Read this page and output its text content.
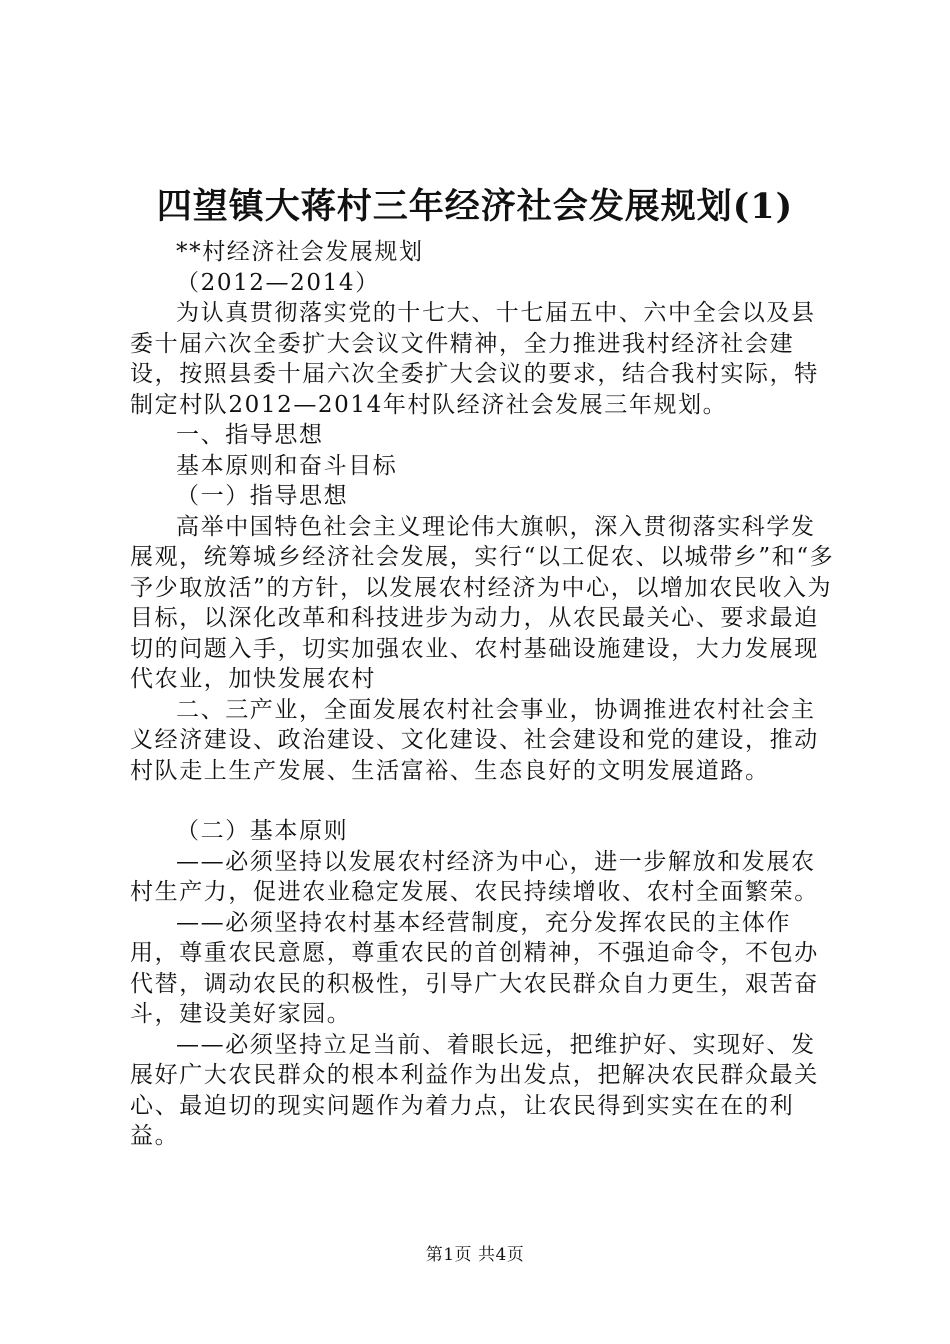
四望镇大蒋村三年经济社会发展规划(1)

**村经济社会发展规划

（2012—2014）

为认真贯彻落实党的十七大、十七届五中、六中全会以及县委十届六次全委扩大会议文件精神，全力推进我村经济社会建设，按照县委十届六次全委扩大会议的要求，结合我村实际，特制定村队2012—2014年村队经济社会发展三年规划。

一、指导思想

基本原则和奋斗目标

（一）指导思想

高举中国特色社会主义理论伟大旗帜，深入贯彻落实科学发展观，统筹城乡经济社会发展，实行“以工促农、以城带乡”和“多予少取放活”的方针，以发展农村经济为中心，以增加农民收入为目标，以深化改革和科技进步为动力，从农民最关心、要求最迫切的问题入手，切实加强农业、农村基础设施建设，大力发展现代农业，加快发展农村

二、三产业，全面发展农村社会事业，协调推进农村社会主义经济建设、政治建设、文化建设、社会建设和党的建设，推动村队走上生产发展、生活富裕、生态良好的文明发展道路。

（二）基本原则

——必须坚持以发展农村经济为中心，进一步解放和发展农村生产力，促进农业稳定发展、农民持续增收、农村全面繁荣。

——必须坚持农村基本经营制度，充分发挥农民的主体作用，尊重农民意愿，尊重农民的首创精神，不强迫命令，不包办代替，调动农民的积极性，引导广大农民群众自力更生，艰苦奋斗，建设美好家园。

——必须坚持立足当前、着眼长远，把维护好、实现好、发展好广大农民群众的根本利益作为出发点，把解决农民群众最关心、最迫切的现实问题作为着力点，让农民得到实实在在的利益。

第1页 共4页
